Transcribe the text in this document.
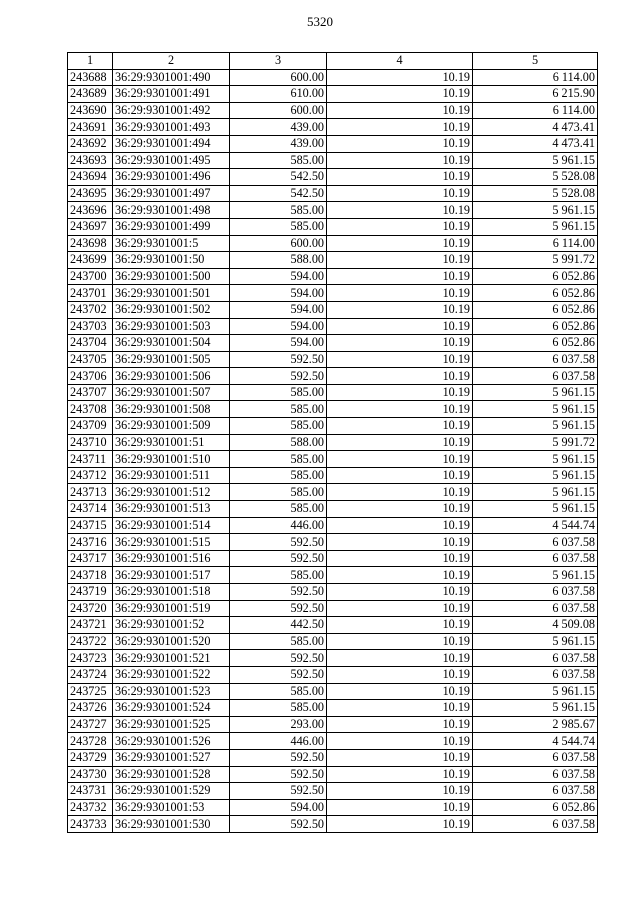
5320
1	2	3	4	5
243688	36:29:9301001:490	600.00	10.19	6 114.00
243689	36:29:9301001:491	610.00	10.19	6 215.90
243690	36:29:9301001:492	600.00	10.19	6 114.00
243691	36:29:9301001:493	439.00	10.19	4 473.41
243692	36:29:9301001:494	439.00	10.19	4 473.41
243693	36:29:9301001:495	585.00	10.19	5 961.15
243694	36:29:9301001:496	542.50	10.19	5 528.08
243695	36:29:9301001:497	542.50	10.19	5 528.08
243696	36:29:9301001:498	585.00	10.19	5 961.15
243697	36:29:9301001:499	585.00	10.19	5 961.15
243698	36:29:9301001:5	600.00	10.19	6 114.00
243699	36:29:9301001:50	588.00	10.19	5 991.72
243700	36:29:9301001:500	594.00	10.19	6 052.86
243701	36:29:9301001:501	594.00	10.19	6 052.86
243702	36:29:9301001:502	594.00	10.19	6 052.86
243703	36:29:9301001:503	594.00	10.19	6 052.86
243704	36:29:9301001:504	594.00	10.19	6 052.86
243705	36:29:9301001:505	592.50	10.19	6 037.58
243706	36:29:9301001:506	592.50	10.19	6 037.58
243707	36:29:9301001:507	585.00	10.19	5 961.15
243708	36:29:9301001:508	585.00	10.19	5 961.15
243709	36:29:9301001:509	585.00	10.19	5 961.15
243710	36:29:9301001:51	588.00	10.19	5 991.72
243711	36:29:9301001:510	585.00	10.19	5 961.15
243712	36:29:9301001:511	585.00	10.19	5 961.15
243713	36:29:9301001:512	585.00	10.19	5 961.15
243714	36:29:9301001:513	585.00	10.19	5 961.15
243715	36:29:9301001:514	446.00	10.19	4 544.74
243716	36:29:9301001:515	592.50	10.19	6 037.58
243717	36:29:9301001:516	592.50	10.19	6 037.58
243718	36:29:9301001:517	585.00	10.19	5 961.15
243719	36:29:9301001:518	592.50	10.19	6 037.58
243720	36:29:9301001:519	592.50	10.19	6 037.58
243721	36:29:9301001:52	442.50	10.19	4 509.08
243722	36:29:9301001:520	585.00	10.19	5 961.15
243723	36:29:9301001:521	592.50	10.19	6 037.58
243724	36:29:9301001:522	592.50	10.19	6 037.58
243725	36:29:9301001:523	585.00	10.19	5 961.15
243726	36:29:9301001:524	585.00	10.19	5 961.15
243727	36:29:9301001:525	293.00	10.19	2 985.67
243728	36:29:9301001:526	446.00	10.19	4 544.74
243729	36:29:9301001:527	592.50	10.19	6 037.58
243730	36:29:9301001:528	592.50	10.19	6 037.58
243731	36:29:9301001:529	592.50	10.19	6 037.58
243732	36:29:9301001:53	594.00	10.19	6 052.86
243733	36:29:9301001:530	592.50	10.19	6 037.58
